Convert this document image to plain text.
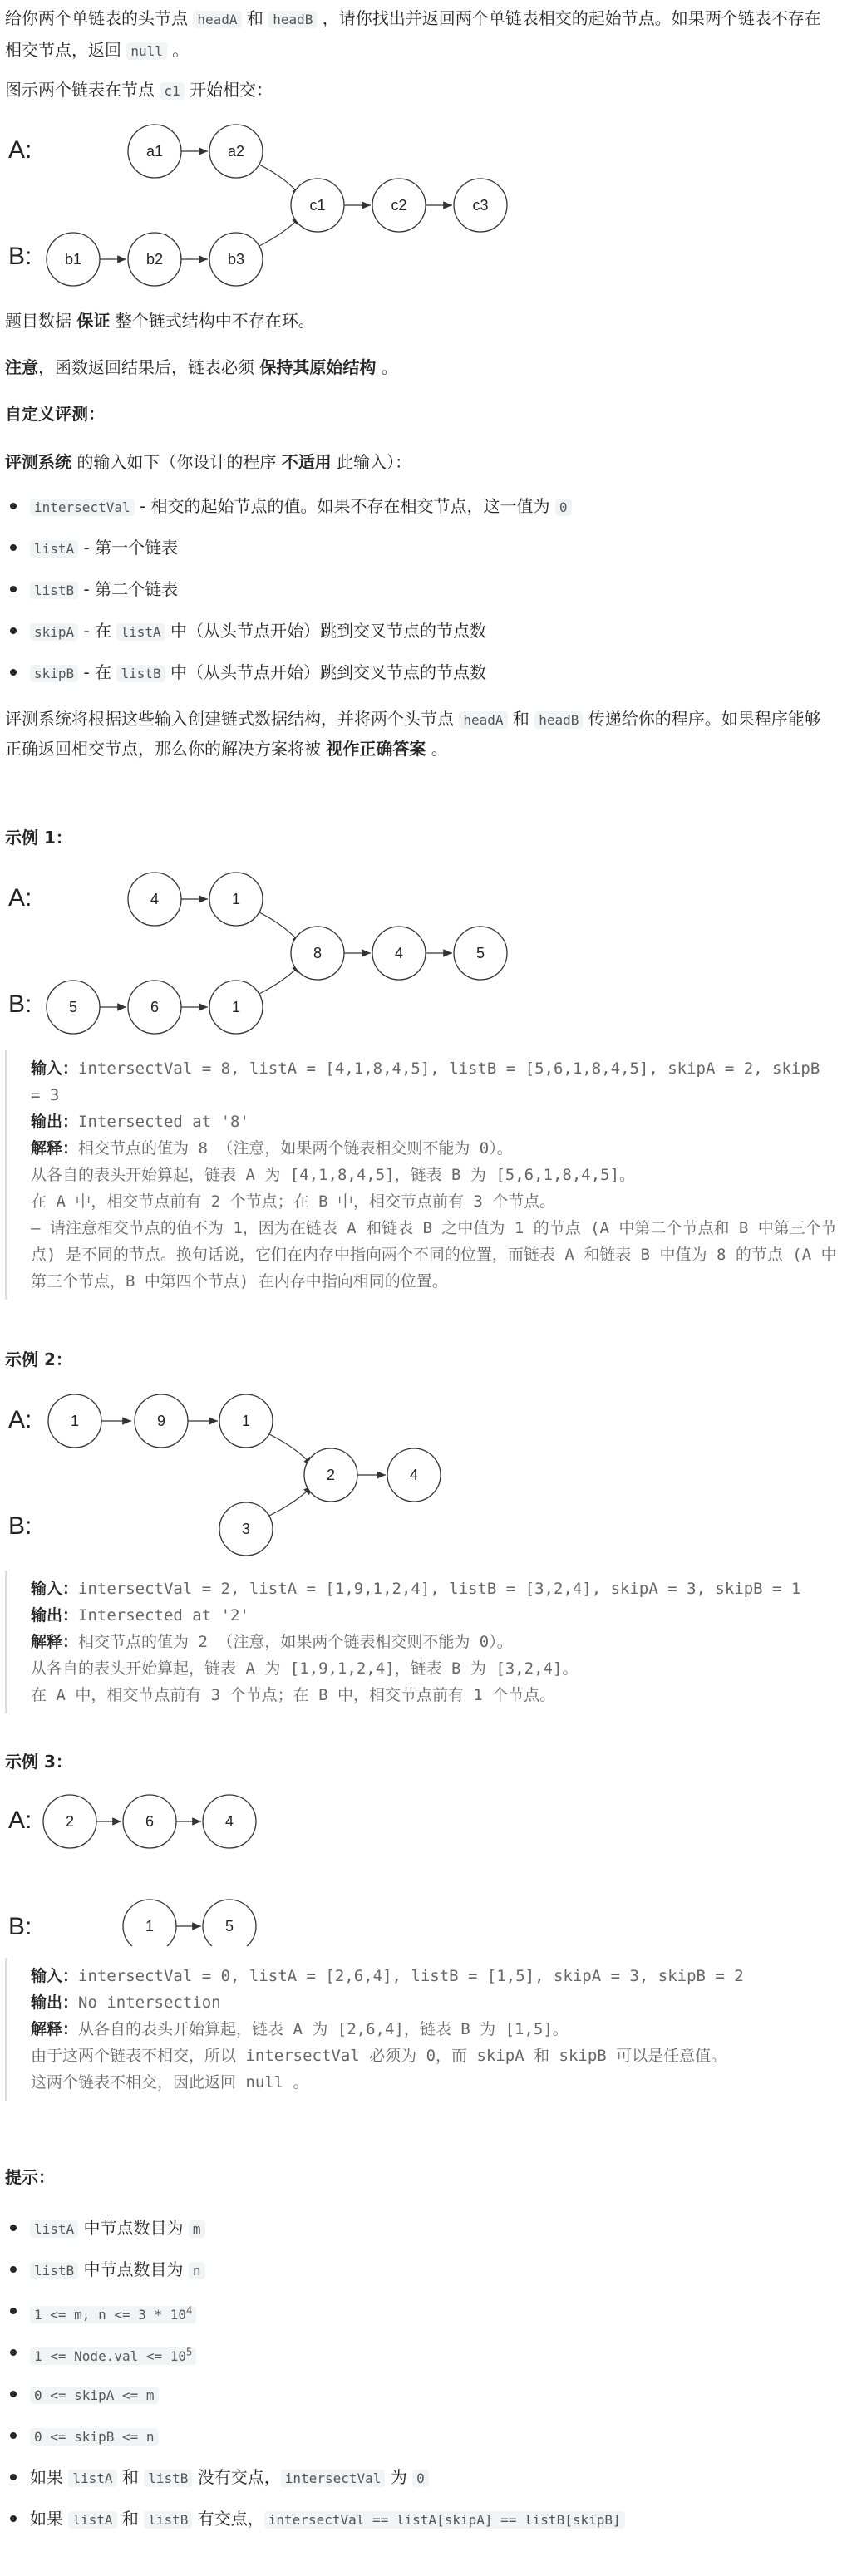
给你两个单链表的头节点 headA 和 headB ，请你找出并返回两个单链表相交的起始节点。如果两个链表不存在相交节点，返回 null 。

图示两个链表在节点 c1 开始相交：

A:
B:
a1	a2
b1	b2	b3
c1	c2	c3

题目数据 保证 整个链式结构中不存在环。

注意，函数返回结果后，链表必须 保持其原始结构 。

自定义评测：

评测系统 的输入如下（你设计的程序 不适用 此输入）：

intersectVal - 相交的起始节点的值。如果不存在相交节点，这一值为 0
listA - 第一个链表
listB - 第二个链表
skipA - 在 listA 中（从头节点开始）跳到交叉节点的节点数
skipB - 在 listB 中（从头节点开始）跳到交叉节点的节点数

评测系统将根据这些输入创建链式数据结构，并将两个头节点 headA 和 headB 传递给你的程序。如果程序能够正确返回相交节点，那么你的解决方案将被 视作正确答案 。

示例 1：

A:
B:
4	1
5	6	1
8	4	5
输入：intersectVal = 8, listA = [4,1,8,4,5], listB = [5,6,1,8,4,5], skipA = 2, skipB = 3
输出：Intersected at '8'
解释：相交节点的值为 8 （注意，如果两个链表相交则不能为 0）。
从各自的表头开始算起，链表 A 为 [4,1,8,4,5]，链表 B 为 [5,6,1,8,4,5]。
在 A 中，相交节点前有 2 个节点；在 B 中，相交节点前有 3 个节点。
— 请注意相交节点的值不为 1，因为在链表 A 和链表 B 之中值为 1 的节点 (A 中第二个节点和 B 中第三个节点) 是不同的节点。换句话说，它们在内存中指向两个不同的位置，而链表 A 和链表 B 中值为 8 的节点 (A 中第三个节点，B 中第四个节点) 在内存中指向相同的位置。

示例 2：

A:
B:
1	9	1
3
2	4
输入：intersectVal = 2, listA = [1,9,1,2,4], listB = [3,2,4], skipA = 3, skipB = 1
输出：Intersected at '2'
解释：相交节点的值为 2 （注意，如果两个链表相交则不能为 0）。
从各自的表头开始算起，链表 A 为 [1,9,1,2,4]，链表 B 为 [3,2,4]。
在 A 中，相交节点前有 3 个节点；在 B 中，相交节点前有 1 个节点。

示例 3：

A:
B:
2	6	4
1	5
输入：intersectVal = 0, listA = [2,6,4], listB = [1,5], skipA = 3, skipB = 2
输出：No intersection
解释：从各自的表头开始算起，链表 A 为 [2,6,4]，链表 B 为 [1,5]。
由于这两个链表不相交，所以 intersectVal 必须为 0，而 skipA 和 skipB 可以是任意值。
这两个链表不相交，因此返回 null 。

提示：

listA 中节点数目为 m
listB 中节点数目为 n
1 <= m, $n <= 3 * 10^4$
1 <= Node.val <= $10^5$
0 <= skipA <= m
0 <= skipB <= n
如果 listA 和 listB 没有交点， intersectVal 为 0
如果 listA 和 listB 有交点， intersectVal == listA[skipA] == listB[skipB]
